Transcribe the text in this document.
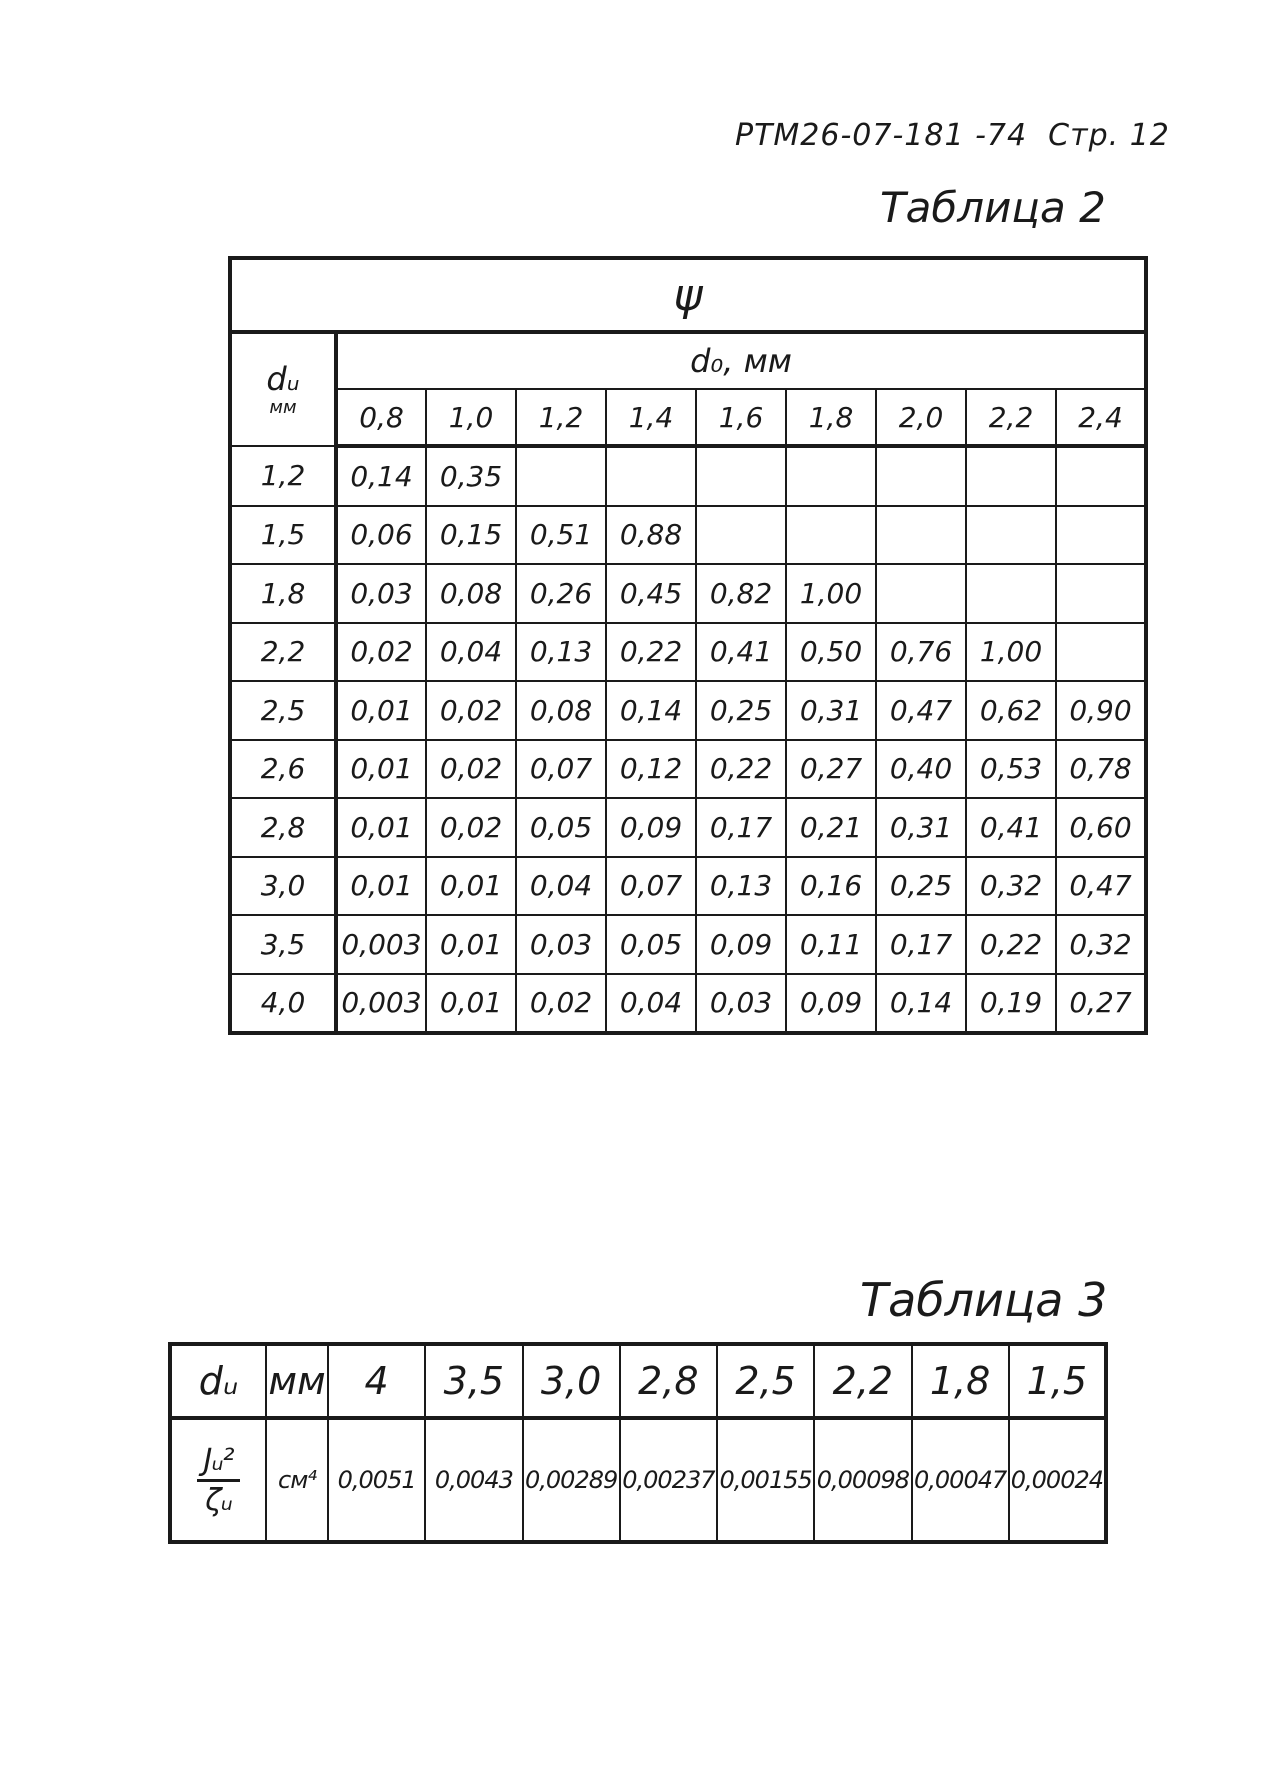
РТМ26-07-181 -74 Стр. 12
Таблица 2
ψ									
dᵤ
мм	d₀, мм								
	0,8	1,0	1,2	1,4	1,6	1,8	2,0	2,2	2,4
1,2	0,14	0,35							
1,5	0,06	0,15	0,51	0,88					
1,8	0,03	0,08	0,26	0,45	0,82	1,00			
2,2	0,02	0,04	0,13	0,22	0,41	0,50	0,76	1,00	
2,5	0,01	0,02	0,08	0,14	0,25	0,31	0,47	0,62	0,90
2,6	0,01	0,02	0,07	0,12	0,22	0,27	0,40	0,53	0,78
2,8	0,01	0,02	0,05	0,09	0,17	0,21	0,31	0,41	0,60
3,0	0,01	0,01	0,04	0,07	0,13	0,16	0,25	0,32	0,47
3,5	0,003	0,01	0,03	0,05	0,09	0,11	0,17	0,22	0,32
4,0	0,003	0,01	0,02	0,04	0,03	0,09	0,14	0,19	0,27
Таблица 3
dᵤ	мм	4	3,5	3,0	2,8	2,5	2,2	1,8	1,5

$\frac{\text{Jᵤ²}}{\text{ζᵤ}}$	см⁴	0,0051	0,0043	0,00289	0,00237	0,00155	0,00098	0,00047	0,00024
